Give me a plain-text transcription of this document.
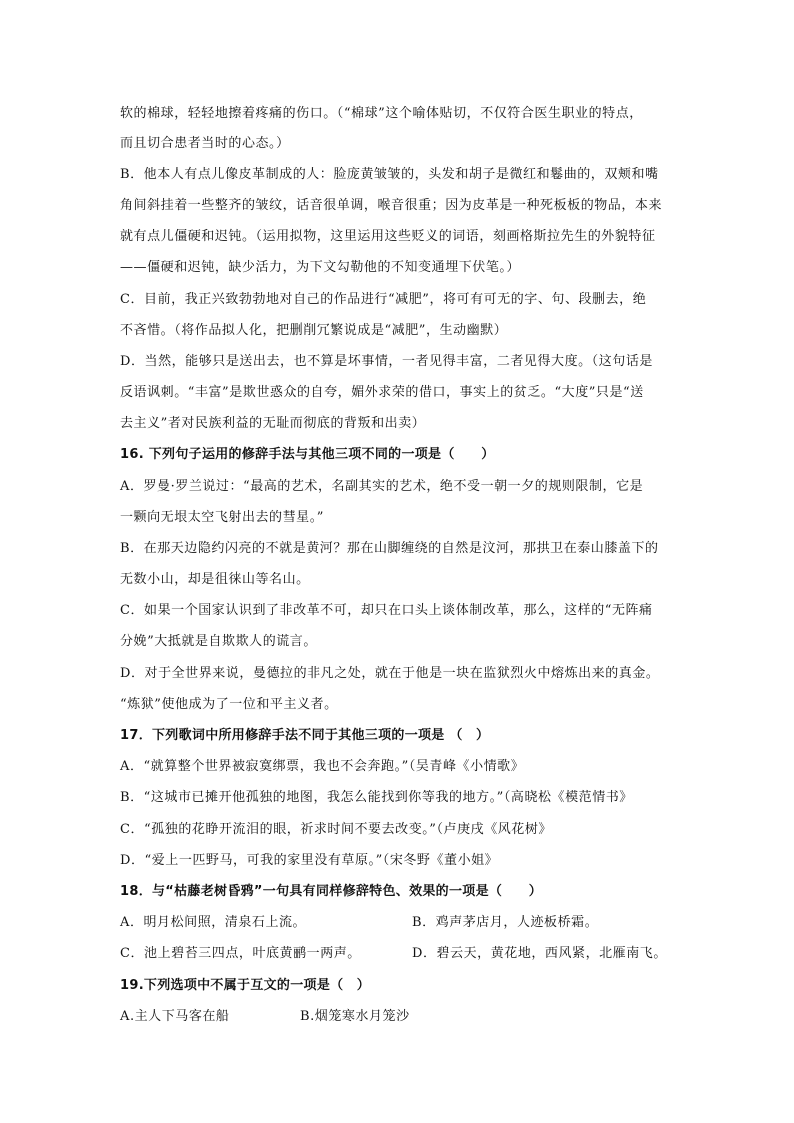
软的棉球，轻轻地擦着疼痛的伤口。（“棉球”这个喻体贴切，不仅符合医生职业的特点，
而且切合患者当时的心态。）
B．他本人有点儿像皮革制成的人：脸庞黄皱皱的，头发和胡子是微红和鬈曲的，双颊和嘴
角间斜挂着一些整齐的皱纹，话音很单调，喉音很重；因为皮革是一种死板板的物品，本来
就有点儿僵硬和迟钝。（运用拟物，这里运用这些贬义的词语，刻画格斯拉先生的外貌特征
——僵硬和迟钝，缺少活力，为下文勾勒他的不知变通埋下伏笔。）
C．目前，我正兴致勃勃地对自己的作品进行“减肥”，将可有可无的字、句、段删去，绝
不吝惜。（将作品拟人化，把删削冗繁说成是“减肥”，生动幽默）
D．当然，能够只是送出去，也不算是坏事情，一者见得丰富，二者见得大度。（这句话是
反语讽刺。“丰富”是欺世惑众的自夸，媚外求荣的借口，事实上的贫乏。“大度”只是“送
去主义”者对民族利益的无耻而彻底的背叛和出卖）
16. 下列句子运用的修辞手法与其他三项不同的一项是（　　）
A．罗曼·罗兰说过：“最高的艺术，名副其实的艺术，绝不受一朝一夕的规则限制，它是
一颗向无垠太空飞射出去的彗星。”
B．在那天边隐约闪亮的不就是黄河？那在山脚缠绕的自然是汶河，那拱卫在泰山膝盖下的
无数小山，却是徂徕山等名山。
C．如果一个国家认识到了非改革不可，却只在口头上谈体制改革，那么，这样的“无阵痛
分娩”大抵就是自欺欺人的谎言。
D．对于全世界来说，曼德拉的非凡之处，就在于他是一块在监狱烈火中熔炼出来的真金。
“炼狱”使他成为了一位和平主义者。
17．下列歌词中所用修辞手法不同于其他三项的一项是 （　）
A．“就算整个世界被寂寞绑票，我也不会奔跑。”（吴青峰《小情歌》
B．“这城市已摊开他孤独的地图，我怎么能找到你等我的地方。”（高晓松《模范情书》
C．“孤独的花睁开流泪的眼，祈求时间不要去改变。”（卢庚戌《风花树》
D．“爱上一匹野马，可我的家里没有草原。”（宋冬野《董小姐》
18．与“枯藤老树昏鸦”一句具有同样修辞特色、效果的一项是（　　）
A．明月松间照，清泉石上流。	B．鸡声茅店月，人迹板桥霜。
C．池上碧苔三四点，叶底黄鹂一两声。	D．碧云天，黄花地，西风紧，北雁南飞。
19.下列选项中不属于互文的一项是（　）
A.主人下马客在船	B.烟笼寒水月笼沙
